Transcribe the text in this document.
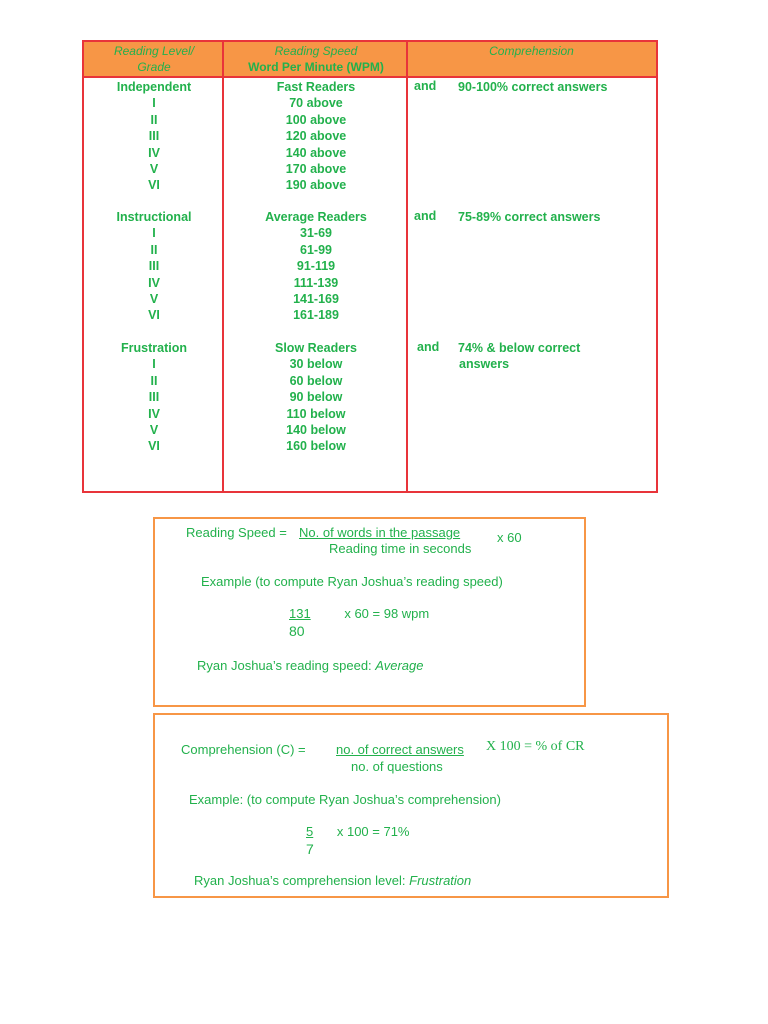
Reading Level/
Grade
Reading Speed
Word Per Minute (WPM)
Comprehension
Independent
I
II
III
IV
V
VI
Fast Readers
70 above
100 above
120 above
140 above
170 above
190 above
and 90-100% correct answers
Instructional
I
II
III
IV
V
VI
Average Readers
31-69
61-99
91-119
111-139
141-169
161-189
and 75-89% correct answers
Frustration
I
II
III
IV
V
VI
Slow Readers
30 below
60 below
90 below
110 below
140 below
160 below
and 74% & below correct
answers
Reading Speed = No. of words in the passage
Reading time in seconds
x 60
Example (to compute Ryan Joshua’s reading speed)
131	x 60 = 98 wpm
80
Ryan Joshua’s reading speed: Average
Comprehension (C) =	no. of correct answers
no. of questions
X 100 = % of CR
Example: (to compute Ryan Joshua’s comprehension)
5 x 100 = 71%
7
Ryan Joshua’s comprehension level: Frustration
